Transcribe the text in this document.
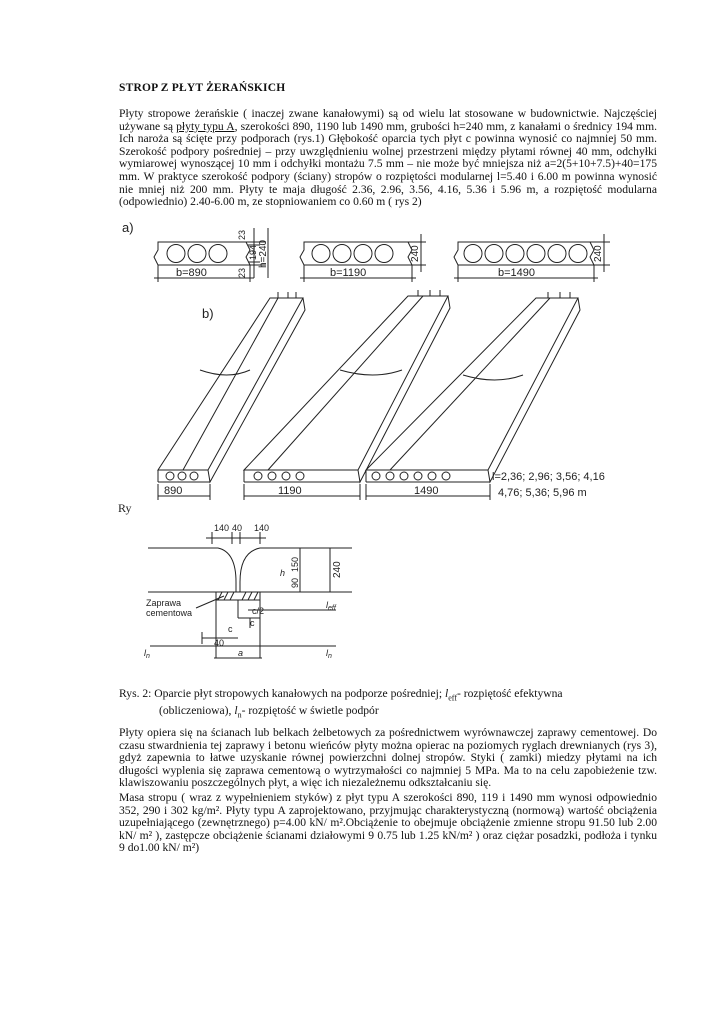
STROP Z PŁYT ŻERAŃSKICH
Płyty stropowe żerańskie ( inaczej zwane kanałowymi) są od wielu lat stosowane w budownictwie. Najczęściej używane są płyty typu A, szerokości 890, 1190 lub 1490 mm, grubości h=240 mm, z kanałami o średnicy 194 mm. Ich naroża są ścięte przy podporach (rys.1) Głębokość oparcia tych płyt c powinna wynosić co najmniej 50 mm. Szerokość podpory pośredniej – przy uwzględnieniu wolnej przestrzeni między płytami równej 40 mm, odchyłki wymiarowej wynoszącej 10 mm i odchyłki montażu 7.5 mm – nie może być mniejsza niż a=2(5+10+7.5)+40=175 mm. W praktyce szerokość podpory (ściany) stropów o rozpiętości modularnej l=5.40 i 6.00 m powinna wynosić nie mniej niż 200 mm. Płyty te maja długość 2.36, 2.96, 3.56, 4.16, 5.36 i 5.96 m, a rozpiętość modularna (odpowiednio) 2.40-6.00 m, ze stopniowaniem co 0.60 m ( rys 2)
a)	23
194
23
h=240	240	240
b=890	b=1190	b=1490
b)
890	1190	1490
l=2,36; 2,96; 3,56; 4,16
4,76; 5,36; 5,96 m
Ry
140 40 140
240
150
90
h
Zaprawa
cementowa	c/2
c
c
40
$l_{eff}$
$l_n$	$l_n$
a
Rys. 2: Oparcie płyt stropowych kanałowych na podporze pośredniej; $l_{eff}-$ rozpiętość efektywna
(obliczeniowa), $l_n-$ rozpiętość w świetle podpór
Płyty opiera się na ścianach lub belkach żelbetowych za pośrednictwem wyrównawczej zaprawy cementowej. Do czasu stwardnienia tej zaprawy i betonu wieńców płyty można opierac na poziomych ryglach drewnianych (rys 3), gdyż zapewnia to łatwe uzyskanie równej powierzchni dolnej stropów. Styki ( zamki) miedzy płytami na ich długości wyplenia się zaprawa cementową o wytrzymałości co najmniej 5 MPa. Ma to na celu zapobieżenie tzw. klawiszowaniu poszczególnych płyt, a więc ich niezależnemu odkształcaniu się.
Masa stropu ( wraz z wypełnieniem styków) z płyt typu A szerokości 890, 119 i 1490 mm wynosi odpowiednio 352, 290 i 302 kg/m². Płyty typu A zaprojektowano, przyjmując charakterystyczną (normową) wartość obciążenia uzupełniającego (zewnętrznego) p=4.00 kN/ m².Obciążenie to obejmuje obciążenie zmienne stropu 91.50 lub 2.00 kN/ m² ), zastępcze obciążenie ścianami działowymi 9 0.75 lub 1.25 kN/m² ) oraz ciężar posadzki, podłoża i tynku 9 do1.00 kN/ m²)
